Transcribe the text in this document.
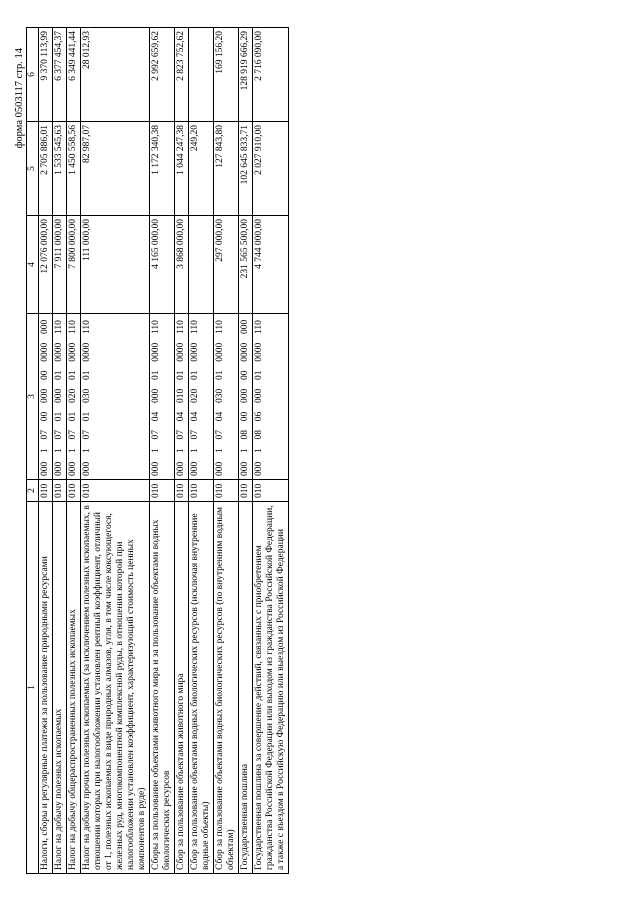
форма 0503117 стр. 14
1	2	3	4	5	6
Налоги, сборы и регулярные платежи за пользование природными ресурсами	010	000  1  07  00  000  00  0000  000	12 076 000,00	2 705 886,01	9 370 113,99
Налог на добычу полезных ископаемых	010	000  1  07  01  000  01  0000  110	7 911 000,00	1 533 545,63	6 377 454,37
Налог на добычу общераспространенных полезных ископаемых	010	000  1  07  01  020  01  0000  110	7 800 000,00	1 450 558,56	6 349 441,44
Налог на добычу прочих полезных ископаемых (за исключением полезных ископаемых, в отношении которых при налогообложении установлен рентный коэффициент, отличный от 1, полезных ископаемых в виде природных алмазов, угля, в том числе коксующегося, железных руд, многокомпонентной комплексной руды, в отношении которой при налогообложении установлен коэффициент, характеризующий стоимость ценных компонентов в руде)	010	000  1  07  01  030  01  0000  110	111 000,00	82 987,07	28 012,93
Сборы за пользование объектами животного мира и за пользование объектами водных биологических ресурсов	010	000  1  07  04  000  01  0000  110	4 165 000,00	1 172 340,38	2 992 659,62
Сбор за пользование объектами животного мира	010	000  1  07  04  010  01  0000  110	3 868 000,00	1 044 247,38	2 823 752,62
Сбор за пользование объектами водных биологических ресурсов (исключая внутренние водные объекты)	010	000  1  07  04  020  01  0000  110		249,20	
Сбор за пользование объектами водных биологических ресурсов (по внутренним водным объектам)	010	000  1  07  04  030  01  0000  110	297 000,00	127 843,80	169 156,20
Государственная пошлина	010	000  1  08  00  000  00  0000  000	231 565 500,00	102 645 833,71	128 919 666,29
Государственная пошлина за совершение действий, связанных с приобретением гражданства Российской Федерации или выходом из гражданства Российской Федерации, а также с въездом в Российскую Федерацию или выездом из Российской Федерации	010	000  1  08  06  000  01  0000  110	4 744 000,00	2 027 910,00	2 716 090,00
